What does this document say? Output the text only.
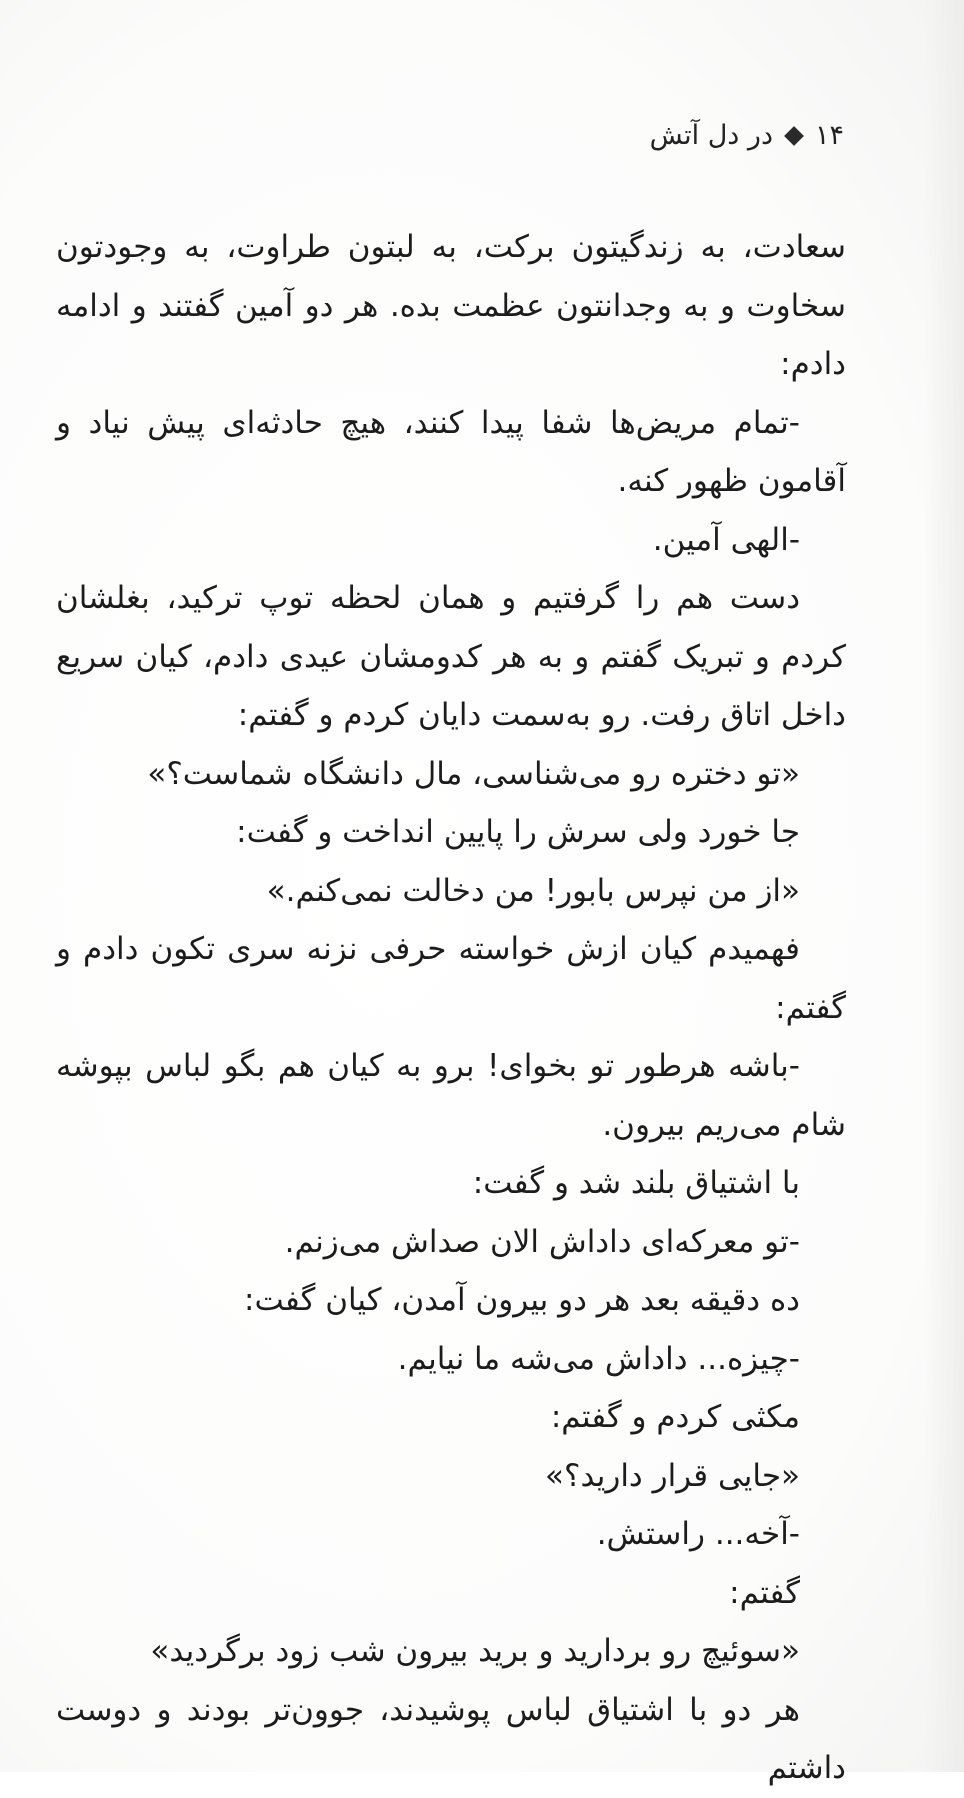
۱۴
در دل آتش

سعادت، به زندگیتون برکت، به لبتون طراوت، به وجودتون سخاوت و به وجدانتون عظمت بده. هر دو آمین گفتند و ادامه دادم:

-تمام مریض‌ها شفا پیدا کنند، هیچ حادثه‌ای پیش نیاد و آقامون ظهور کنه.

-الهی آمین.

دست هم را گرفتیم و همان لحظه توپ ترکید، بغلشان کردم و تبریک گفتم و به هر کدومشان عیدی دادم، کیان سریع داخل اتاق رفت. رو به‌سمت دایان کردم و گفتم:

«تو دختره رو می‌شناسی، مال دانشگاه شماست؟»

جا خورد ولی سرش را پایین انداخت و گفت:

«از من نپرس بابور! من دخالت نمی‌کنم.»

فهمیدم کیان ازش خواسته حرفی نزنه سری تکون دادم و گفتم:

-باشه هرطور تو بخوای! برو به کیان هم بگو لباس بپوشه شام می‌ریم بیرون.

با اشتیاق بلند شد و گفت:

-تو معرکه‌ای داداش الان صداش می‌زنم.

ده دقیقه بعد هر دو بیرون آمدن، کیان گفت:

-چیزه... داداش می‌شه ما نیایم.

مکثی کردم و گفتم:

«جایی قرار دارید؟»

-آخه... راستش.

گفتم:

«سوئیچ رو بردارید و برید بیرون شب زود برگردید»

هر دو با اشتیاق لباس پوشیدند، جوون‌تر بودند و دوست داشتم
